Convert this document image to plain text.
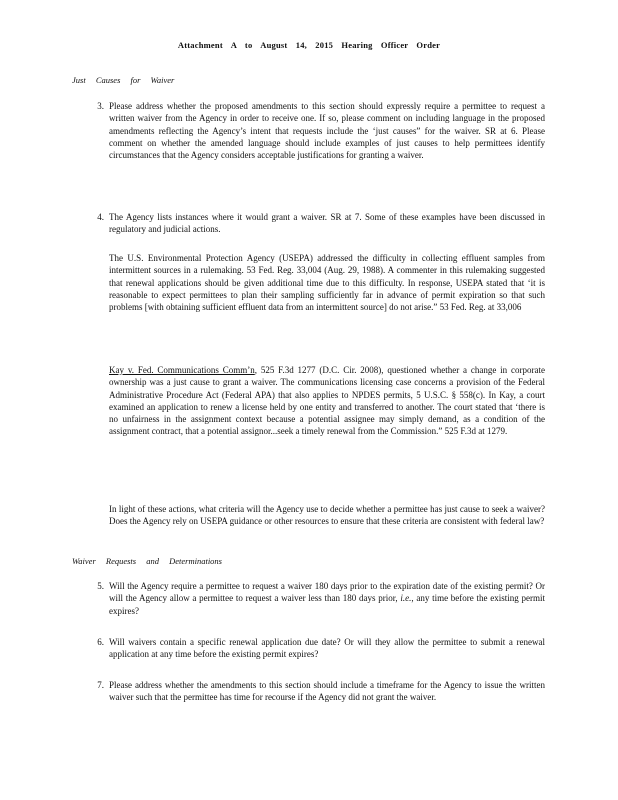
Attachment A to August 14, 2015 Hearing Officer Order
Just Causes for Waiver
3. Please address whether the proposed amendments to this section should expressly require a permittee to request a written waiver from the Agency in order to receive one. If so, please comment on including language in the proposed amendments reflecting the Agency’s intent that requests include the ‘just causes” for the waiver. SR at 6. Please comment on whether the amended language should include examples of just causes to help permittees identify circumstances that the Agency considers acceptable justifications for granting a waiver.
4. The Agency lists instances where it would grant a waiver. SR at 7. Some of these examples have been discussed in regulatory and judicial actions.
The U.S. Environmental Protection Agency (USEPA) addressed the difficulty in collecting effluent samples from intermittent sources in a rulemaking. 53 Fed. Reg. 33,004 (Aug. 29, 1988). A commenter in this rulemaking suggested that renewal applications should be given additional time due to this difficulty. In response, USEPA stated that ‘it is reasonable to expect permittees to plan their sampling sufficiently far in advance of permit expiration so that such problems [with obtaining sufficient effluent data from an intermittent source] do not arise.” 53 Fed. Reg. at 33,006
Kay v. Fed. Communications Comm’n, 525 F.3d 1277 (D.C. Cir. 2008), questioned whether a change in corporate ownership was a just cause to grant a waiver. The communications licensing case concerns a provision of the Federal Administrative Procedure Act (Federal APA) that also applies to NPDES permits, 5 U.S.C. § 558(c). In Kay, a court examined an application to renew a license held by one entity and transferred to another. The court stated that ‘there is no unfairness in the assignment context because a potential assignee may simply demand, as a condition of the assignment contract, that a potential assignor...seek a timely renewal from the Commission.” 525 F.3d at 1279.
In light of these actions, what criteria will the Agency use to decide whether a permittee has just cause to seek a waiver? Does the Agency rely on USEPA guidance or other resources to ensure that these criteria are consistent with federal law?
Waiver Requests and Determinations
5. Will the Agency require a permittee to request a waiver 180 days prior to the expiration date of the existing permit? Or will the Agency allow a permittee to request a waiver less than 180 days prior, i.e., any time before the existing permit expires?
6. Will waivers contain a specific renewal application due date? Or will they allow the permittee to submit a renewal application at any time before the existing permit expires?
7. Please address whether the amendments to this section should include a timeframe for the Agency to issue the written waiver such that the permittee has time for recourse if the Agency did not grant the waiver.
